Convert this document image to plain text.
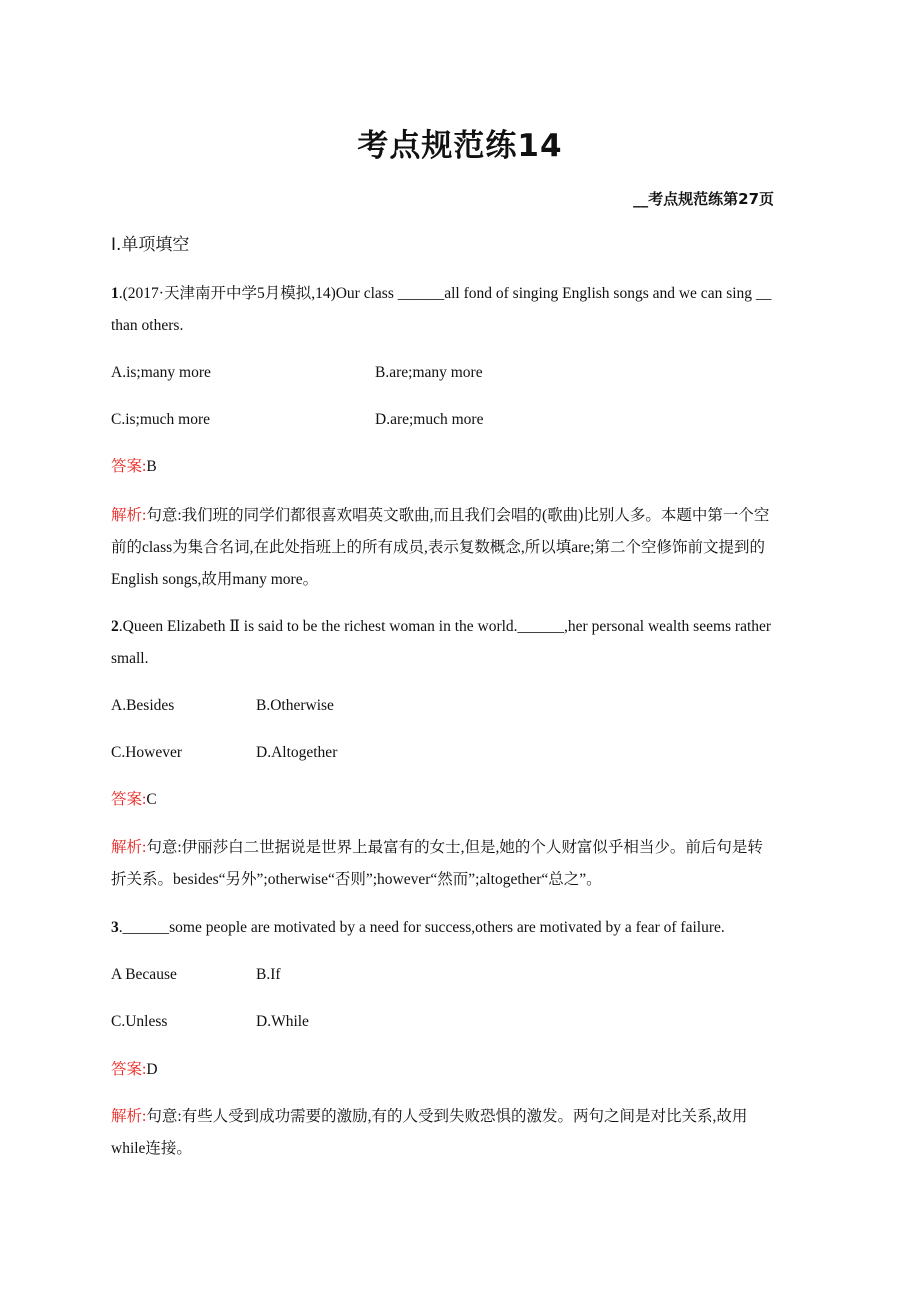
考点规范练14
__考点规范练第27页
Ⅰ.单项填空
1.(2017·天津南开中学5月模拟,14)Our class ______all fond of singing English songs and we can sing __
than others.
A.is;many more	B.are;many more
C.is;much more	D.are;much more
答案:B
解析:句意:我们班的同学们都很喜欢唱英文歌曲,而且我们会唱的(歌曲)比别人多。本题中第一个空
前的class为集合名词,在此处指班上的所有成员,表示复数概念,所以填are;第二个空修饰前文提到的
English songs,故用many more。
2.Queen Elizabeth Ⅱ is said to be the richest woman in the world.______,her personal wealth seems rather
small.
A.Besides	B.Otherwise
C.However	D.Altogether
答案:C
解析:句意:伊丽莎白二世据说是世界上最富有的女士,但是,她的个人财富似乎相当少。前后句是转
折关系。besides“另外”;otherwise“否则”;however“然而”;altogether“总之”。
3.______some people are motivated by a need for success,others are motivated by a fear of failure.
A Because	B.If
C.Unless	D.While
答案:D
解析:句意:有些人受到成功需要的激励,有的人受到失败恐惧的激发。两句之间是对比关系,故用
while连接。
